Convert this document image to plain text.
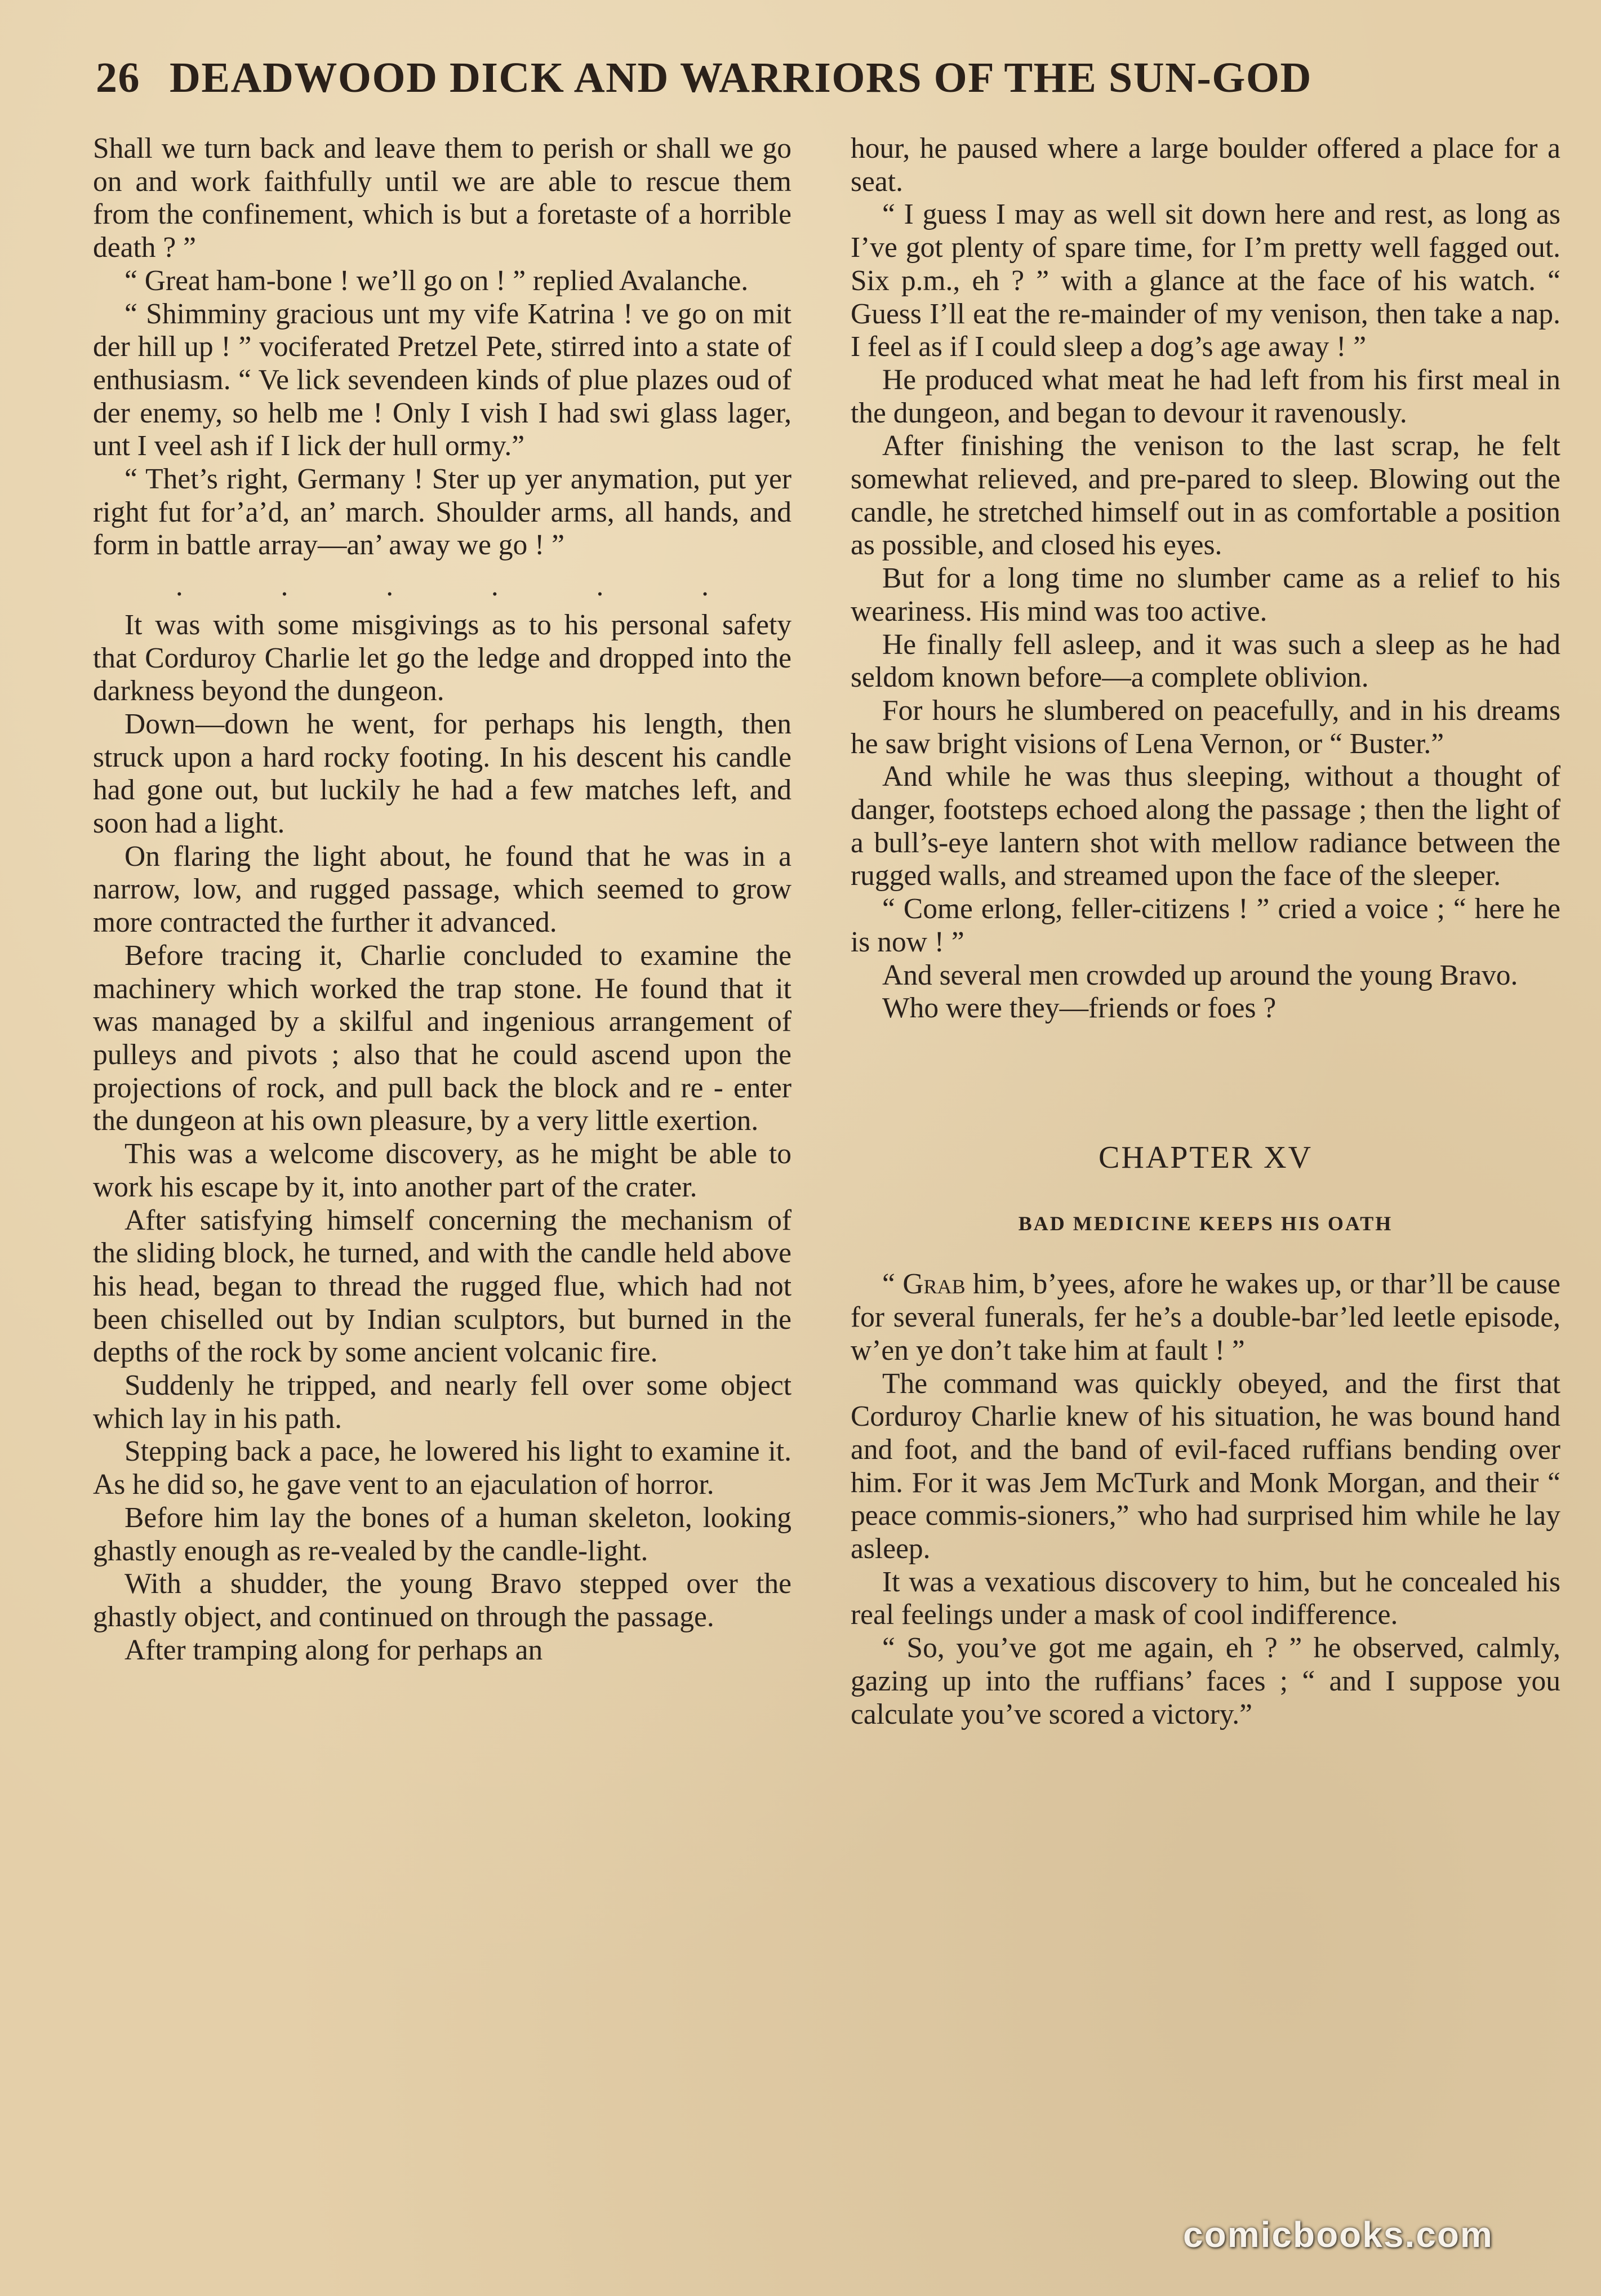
26 DEADWOOD DICK AND WARRIORS OF THE SUN-GOD

Shall we turn back and leave them to perish or shall we go on and work faithfully until we are able to rescue them from the confinement, which is but a foretaste of a horrible death ? ”

“ Great ham-bone ! we’ll go on ! ” replied Avalanche.

“ Shimminy gracious unt my vife Katrina ! ve go on mit der hill up ! ” vociferated Pretzel Pete, stirred into a state of enthusiasm. “ Ve lick sevendeen kinds of plue plazes oud of der enemy, so helb me ! Only I vish I had swi glass lager, unt I veel ash if I lick der hull ormy.”

“ Thet’s right, Germany ! Ster up yer anymation, put yer right fut for’a’d, an’ march. Shoulder arms, all hands, and form in battle array—an’ away we go ! ”

.	.	.	.	.	.

It was with some misgivings as to his personal safety that Corduroy Charlie let go the ledge and dropped into the darkness beyond the dungeon.

Down—down he went, for perhaps his length, then struck upon a hard rocky footing. In his descent his candle had gone out, but luckily he had a few matches left, and soon had a light.

On flaring the light about, he found that he was in a narrow, low, and rugged passage, which seemed to grow more contracted the further it advanced.

Before tracing it, Charlie concluded to examine the machinery which worked the trap stone. He found that it was managed by a skilful and ingenious arrangement of pulleys and pivots ; also that he could ascend upon the projections of rock, and pull back the block and re - enter the dungeon at his own pleasure, by a very little exertion.

This was a welcome discovery, as he might be able to work his escape by it, into another part of the crater.

After satisfying himself concerning the mechanism of the sliding block, he turned, and with the candle held above his head, began to thread the rugged flue, which had not been chiselled out by Indian sculptors, but burned in the depths of the rock by some ancient volcanic fire.

Suddenly he tripped, and nearly fell over some object which lay in his path.

Stepping back a pace, he lowered his light to examine it. As he did so, he gave vent to an ejaculation of horror.

Before him lay the bones of a human skeleton, looking ghastly enough as re-vealed by the candle-light.

With a shudder, the young Bravo stepped over the ghastly object, and continued on through the passage.

After tramping along for perhaps an

hour, he paused where a large boulder offered a place for a seat.

“ I guess I may as well sit down here and rest, as long as I’ve got plenty of spare time, for I’m pretty well fagged out. Six p.m., eh ? ” with a glance at the face of his watch. “ Guess I’ll eat the re-mainder of my venison, then take a nap. I feel as if I could sleep a dog’s age away ! ”

He produced what meat he had left from his first meal in the dungeon, and began to devour it ravenously.

After finishing the venison to the last scrap, he felt somewhat relieved, and pre-pared to sleep. Blowing out the candle, he stretched himself out in as comfortable a position as possible, and closed his eyes.

But for a long time no slumber came as a relief to his weariness. His mind was too active.

He finally fell asleep, and it was such a sleep as he had seldom known before—a complete oblivion.

For hours he slumbered on peacefully, and in his dreams he saw bright visions of Lena Vernon, or “ Buster.”

And while he was thus sleeping, without a thought of danger, footsteps echoed along the passage ; then the light of a bull’s-eye lantern shot with mellow radiance between the rugged walls, and streamed upon the face of the sleeper.

“ Come erlong, feller-citizens ! ” cried a voice ; “ here he is now ! ”

And several men crowded up around the young Bravo.

Who were they—friends or foes ?

CHAPTER XV

BAD MEDICINE KEEPS HIS OATH

“ Grab him, b’yees, afore he wakes up, or thar’ll be cause for several funerals, fer he’s a double-bar’led leetle episode, w’en ye don’t take him at fault ! ”

The command was quickly obeyed, and the first that Corduroy Charlie knew of his situation, he was bound hand and foot, and the band of evil-faced ruffians bending over him. For it was Jem McTurk and Monk Morgan, and their “ peace commis-sioners,” who had surprised him while he lay asleep.

It was a vexatious discovery to him, but he concealed his real feelings under a mask of cool indifference.

“ So, you’ve got me again, eh ? ” he observed, calmly, gazing up into the ruffians’ faces ; “ and I suppose you calculate you’ve scored a victory.”

comicbooks.com
